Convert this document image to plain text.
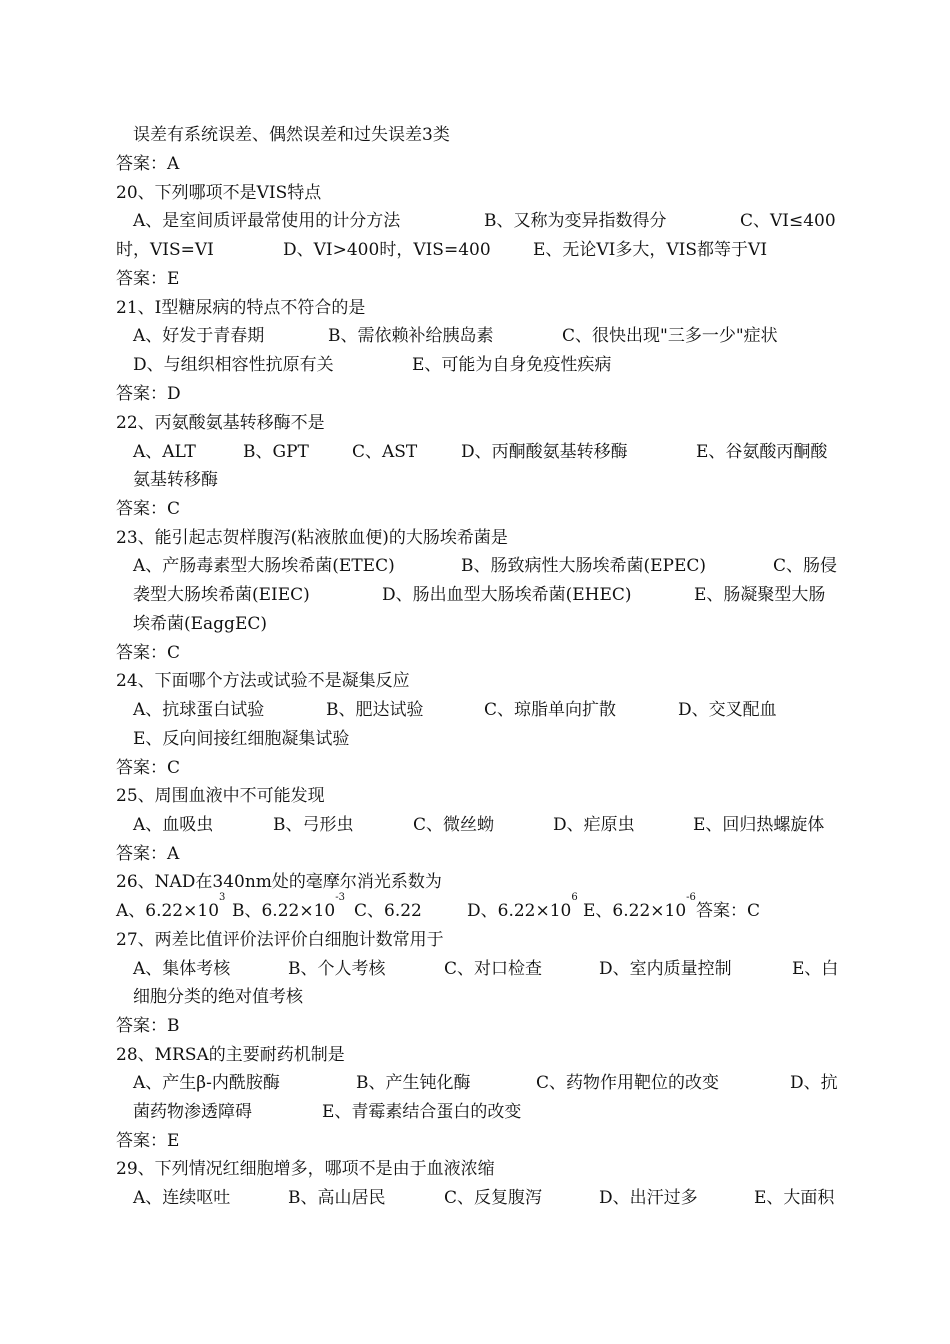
误差有系统误差、偶然误差和过失误差3类
答案：A
20、下列哪项不是VIS特点
A、是室间质评最常使用的计分方法	B、又称为变异指数得分	C、VI≤400
时，VIS=VI	D、VI>400时，VIS=400 E、无论VI多大，VIS都等于VI
答案：E
21、Ⅰ型糖尿病的特点不符合的是
A、好发于青春期	B、需依赖补给胰岛素	C、很快出现"三多一少"症状
D、与组织相容性抗原有关	E、可能为自身免疫性疾病
答案：D
22、丙氨酸氨基转移酶不是
A、ALT	B、GPT	C、AST	D、丙酮酸氨基转移酶	E、谷氨酸丙酮酸
氨基转移酶
答案：C
23、能引起志贺样腹泻(粘液脓血便)的大肠埃希菌是
A、产肠毒素型大肠埃希菌(ETEC)	B、肠致病性大肠埃希菌(EPEC)	C、肠侵
袭型大肠埃希菌(EIEC)	D、肠出血型大肠埃希菌(EHEC)	E、肠凝聚型大肠
埃希菌(EaggEC)
答案：C
24、下面哪个方法或试验不是凝集反应
A、抗球蛋白试验	B、肥达试验	C、琼脂单向扩散	D、交叉配血
E、反向间接红细胞凝集试验
答案：C
25、周围血液中不可能发现
A、血吸虫	B、弓形虫	C、微丝蚴	D、疟原虫	E、回归热螺旋体
答案：A
26、NAD在340nm处的毫摩尔消光系数为
A、$6.22\times 10^3$
B、$6.22\times 10^{-3}$
C、6.22	D、$6.22\times 10^6$
E、$6.22\times 10^{-6}$
答案：C
27、两差比值评价法评价白细胞计数常用于
A、集体考核	B、个人考核	C、对口检查	D、室内质量控制	E、白
细胞分类的绝对值考核
答案：B
28、MRSA的主要耐药机制是
A、产生β-内酰胺酶	B、产生钝化酶	C、药物作用靶位的改变	D、抗
菌药物渗透障碍	E、青霉素结合蛋白的改变
答案：E
29、下列情况红细胞增多，哪项不是由于血液浓缩
A、连续呕吐	B、高山居民	C、反复腹泻	D、出汗过多	E、大面积
